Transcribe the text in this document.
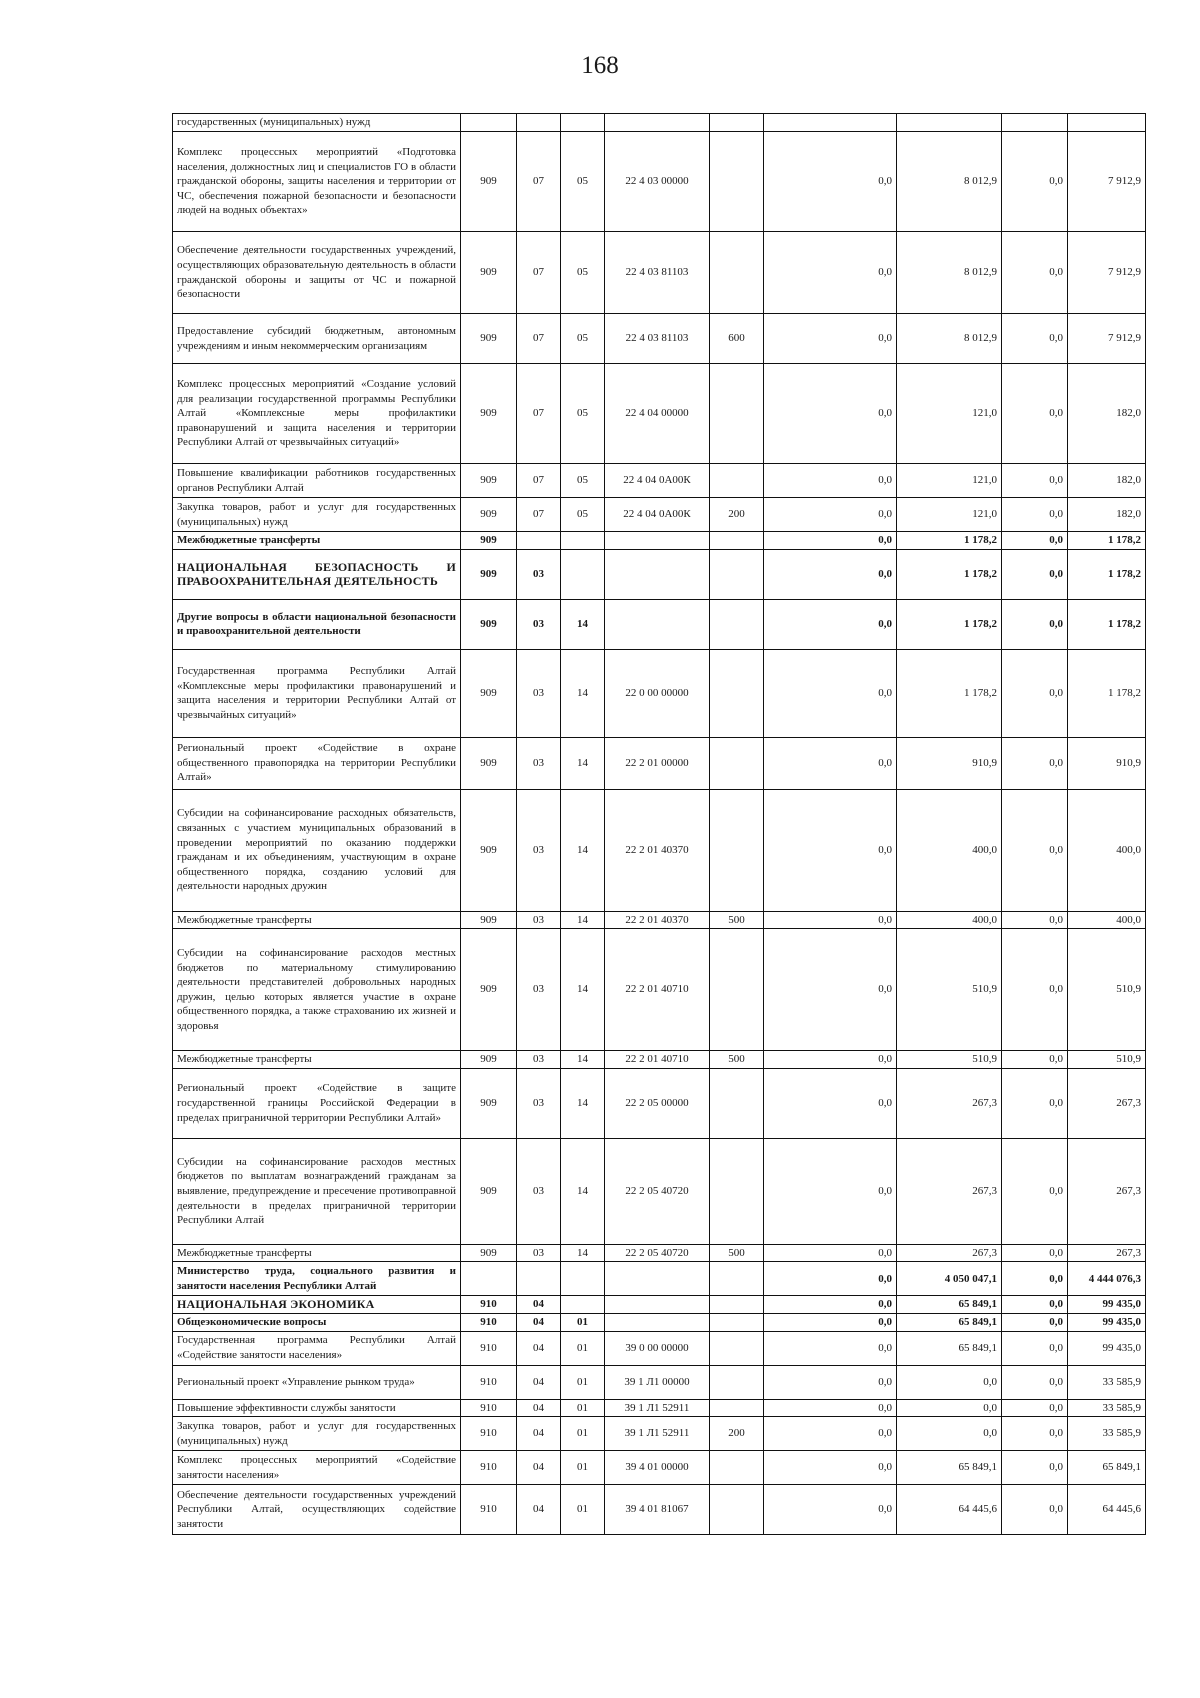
168
государственных (муниципальных) нужд									
Комплекс процессных мероприятий «Подготовка населения, должностных лиц и специалистов ГО в области гражданской обороны, защиты населения и территории от ЧС, обеспечения пожарной безопасности и безопасности людей на водных объектах»	909	07	05	22 4 03 00000		0,0	8 012,9	0,0	7 912,9
Обеспечение деятельности государственных учреждений, осуществляющих образовательную деятельность в области гражданской обороны и защиты от ЧС и пожарной безопасности	909	07	05	22 4 03 81103		0,0	8 012,9	0,0	7 912,9
Предоставление субсидий бюджетным, автономным учреждениям и иным некоммерческим организациям	909	07	05	22 4 03 81103	600	0,0	8 012,9	0,0	7 912,9
Комплекс процессных мероприятий «Создание условий для реализации государственной программы Республики Алтай «Комплексные меры профилактики правонарушений и защита населения и территории Республики Алтай от чрезвычайных ситуаций»	909	07	05	22 4 04 00000		0,0	121,0	0,0	182,0
Повышение квалификации работников государственных органов Республики Алтай	909	07	05	22 4 04 0А00К		0,0	121,0	0,0	182,0
Закупка товаров, работ и услуг для государственных (муниципальных) нужд	909	07	05	22 4 04 0А00К	200	0,0	121,0	0,0	182,0
Межбюджетные трансферты	909					0,0	1 178,2	0,0	1 178,2
НАЦИОНАЛЬНАЯ БЕЗОПАСНОСТЬ И ПРАВООХРАНИТЕЛЬНАЯ ДЕЯТЕЛЬНОСТЬ	909	03				0,0	1 178,2	0,0	1 178,2
Другие вопросы в области национальной безопасности и правоохранительной деятельности	909	03	14			0,0	1 178,2	0,0	1 178,2
Государственная программа Республики Алтай «Комплексные меры профилактики правонарушений и защита населения и территории Республики Алтай от чрезвычайных ситуаций»	909	03	14	22 0 00 00000		0,0	1 178,2	0,0	1 178,2
Региональный проект «Содействие в охране общественного правопорядка на территории Республики Алтай»	909	03	14	22 2 01 00000		0,0	910,9	0,0	910,9
Субсидии на софинансирование расходных обязательств, связанных с участием муниципальных образований в проведении мероприятий по оказанию поддержки гражданам и их объединениям, участвующим в охране общественного порядка, созданию условий для деятельности народных дружин	909	03	14	22 2 01 40370		0,0	400,0	0,0	400,0
Межбюджетные трансферты	909	03	14	22 2 01 40370	500	0,0	400,0	0,0	400,0
Субсидии на софинансирование расходов местных бюджетов по материальному стимулированию деятельности представителей добровольных народных дружин, целью которых является участие в охране общественного порядка, а также страхованию их жизней и здоровья	909	03	14	22 2 01 40710		0,0	510,9	0,0	510,9
Межбюджетные трансферты	909	03	14	22 2 01 40710	500	0,0	510,9	0,0	510,9
Региональный проект «Содействие в защите государственной границы Российской Федерации в пределах приграничной территории Республики Алтай»	909	03	14	22 2 05 00000		0,0	267,3	0,0	267,3
Субсидии на софинансирование расходов местных бюджетов по выплатам вознаграждений гражданам за выявление, предупреждение и пресечение противоправной деятельности в пределах приграничной территории Республики Алтай	909	03	14	22 2 05 40720		0,0	267,3	0,0	267,3
Межбюджетные трансферты	909	03	14	22 2 05 40720	500	0,0	267,3	0,0	267,3
Министерство труда, социального развития и занятости населения Республики Алтай						0,0	4 050 047,1	0,0	4 444 076,3
НАЦИОНАЛЬНАЯ ЭКОНОМИКА	910	04				0,0	65 849,1	0,0	99 435,0
Общеэкономические вопросы	910	04	01			0,0	65 849,1	0,0	99 435,0
Государственная программа Республики Алтай «Содействие занятости населения»	910	04	01	39 0 00 00000		0,0	65 849,1	0,0	99 435,0
Региональный проект «Управление рынком труда»	910	04	01	39 1 Л1 00000		0,0	0,0	0,0	33 585,9
Повышение эффективности службы занятости	910	04	01	39 1 Л1 52911		0,0	0,0	0,0	33 585,9
Закупка товаров, работ и услуг для государственных (муниципальных) нужд	910	04	01	39 1 Л1 52911	200	0,0	0,0	0,0	33 585,9
Комплекс процессных мероприятий «Содействие занятости населения»	910	04	01	39 4 01 00000		0,0	65 849,1	0,0	65 849,1
Обеспечение деятельности государственных учреждений Республики Алтай, осуществляющих содействие занятости	910	04	01	39 4 01 81067		0,0	64 445,6	0,0	64 445,6
